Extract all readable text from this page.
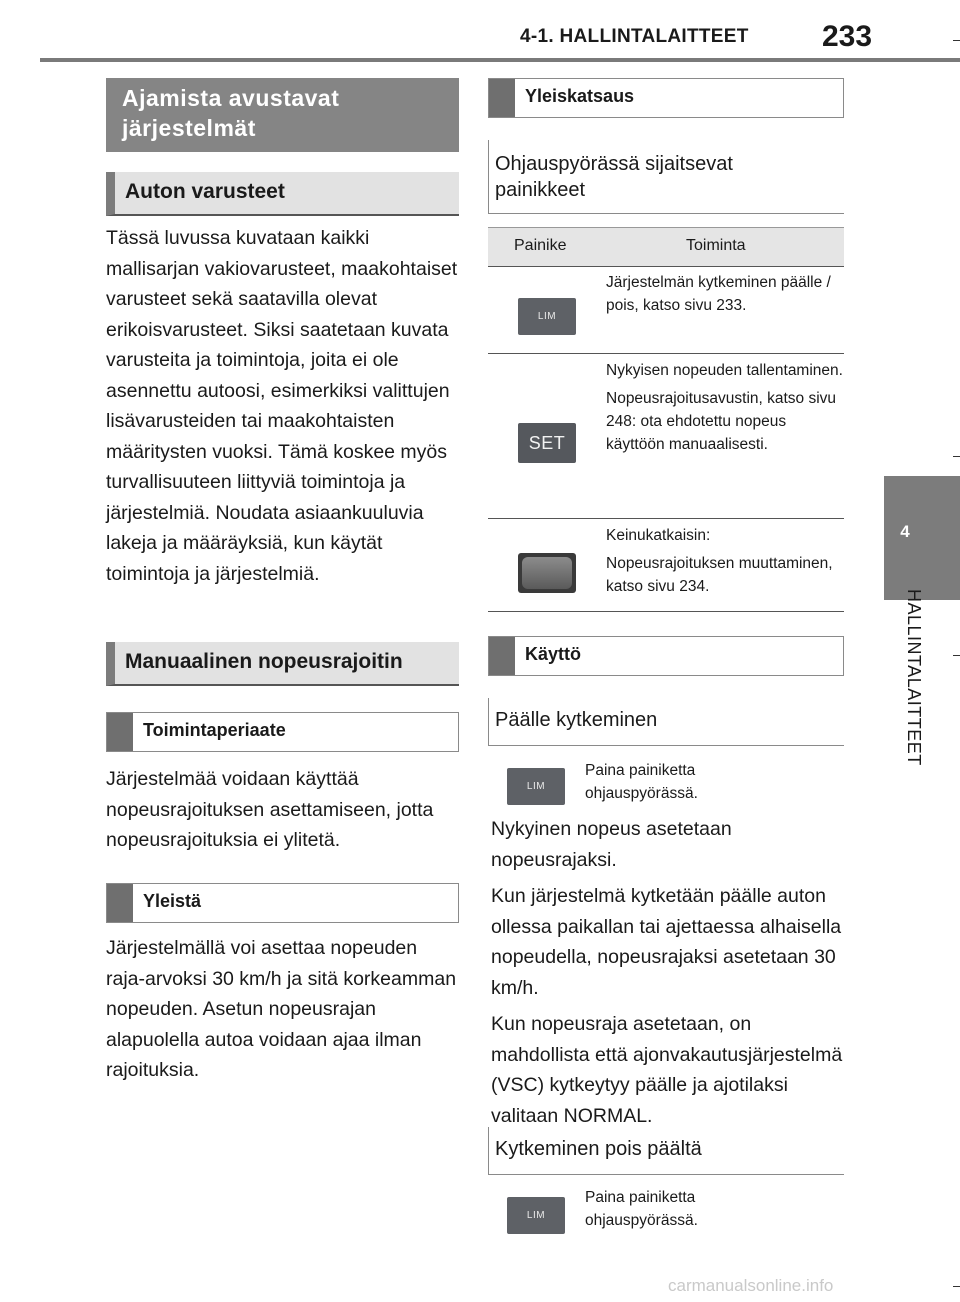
4-1. HALLINTALAITTEET 233
4
HALLINTALAITTEET
Ajamista avustavat järjestelmät
Auton varusteet

Tässä luvussa kuvataan kaikki mallisarjan vakiovarusteet, maakohtaiset varusteet sekä saatavilla olevat erikoisvarusteet. Siksi saatetaan kuvata varusteita ja toimintoja, joita ei ole asennettu autoosi, esimerkiksi valittujen lisävarusteiden tai maakohtaisten määritysten vuoksi. Tämä koskee myös turvallisuuteen liittyviä toimintoja ja järjestelmiä. Noudata asiaankuuluvia lakeja ja määräyksiä, kun käytät toimintoja ja järjestelmiä.

Manuaalinen nopeusrajoitin
Toimintaperiaate

Järjestelmää voidaan käyttää nopeusrajoituksen asettamiseen, jotta nopeusrajoituksia ei ylitetä.

Yleistä

Järjestelmällä voi asettaa nopeuden raja-arvoksi 30 km/h ja sitä korkeamman nopeuden. Asetun nopeusrajan alapuolella autoa voidaan ajaa ilman rajoituksia.

Yleiskatsaus
Ohjauspyörässä sijaitsevat painikkeet
Painike	Toiminta
LIM

Järjestelmän kytkeminen päälle / pois, katso sivu 233.

SET

Nykyisen nopeuden tallentaminen.

Nopeusrajoitusavustin, katso sivu 248: ota ehdotettu nopeus käyttöön manuaalisesti.

Keinukatkaisin:

Nopeusrajoituksen muuttaminen, katso sivu 234.

Käyttö
Päälle kytkeminen
LIM
Paina painiketta ohjauspyörässä.

Nykyinen nopeus asetetaan nopeusrajaksi.

Kun järjestelmä kytketään päälle auton ollessa paikallan tai ajettaessa alhaisella nopeudella, nopeusrajaksi asetetaan 30 km/h.

Kun nopeusraja asetetaan, on mahdollista että ajonvakautusjärjestelmä (VSC) kytkeytyy päälle ja ajotilaksi valitaan NORMAL.

Kytkeminen pois päältä
LIM
Paina painiketta ohjauspyörässä.
carmanualsonline.info
